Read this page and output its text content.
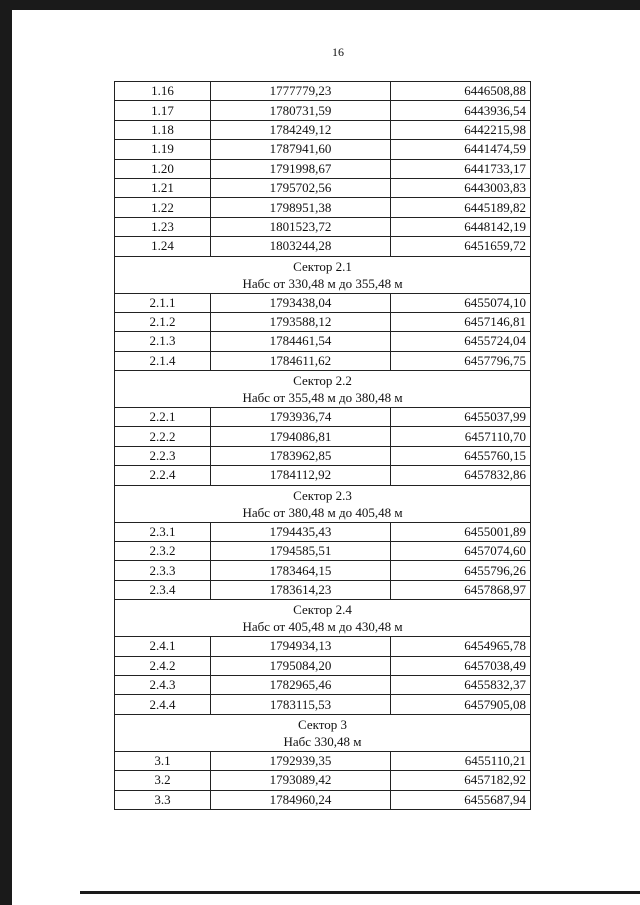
16
1.16	1777779,23	6446508,88
1.17	1780731,59	6443936,54
1.18	1784249,12	6442215,98
1.19	1787941,60	6441474,59
1.20	1791998,67	6441733,17
1.21	1795702,56	6443003,83
1.22	1798951,38	6445189,82
1.23	1801523,72	6448142,19
1.24	1803244,28	6451659,72

Сектор 2.1
Набс от 330,48 м до 355,48 м		

2.1.1	1793438,04	6455074,10
2.1.2	1793588,12	6457146,81
2.1.3	1784461,54	6455724,04
2.1.4	1784611,62	6457796,75

Сектор 2.2
Набс от 355,48 м до 380,48 м		

2.2.1	1793936,74	6455037,99
2.2.2	1794086,81	6457110,70
2.2.3	1783962,85	6455760,15
2.2.4	1784112,92	6457832,86

Сектор 2.3
Набс от 380,48 м до 405,48 м		

2.3.1	1794435,43	6455001,89
2.3.2	1794585,51	6457074,60
2.3.3	1783464,15	6455796,26
2.3.4	1783614,23	6457868,97

Сектор 2.4
Набс от 405,48 м до 430,48 м		

2.4.1	1794934,13	6454965,78
2.4.2	1795084,20	6457038,49
2.4.3	1782965,46	6455832,37
2.4.4	1783115,53	6457905,08

Сектор 3
Набс 330,48 м		

3.1	1792939,35	6455110,21
3.2	1793089,42	6457182,92
3.3	1784960,24	6455687,94
